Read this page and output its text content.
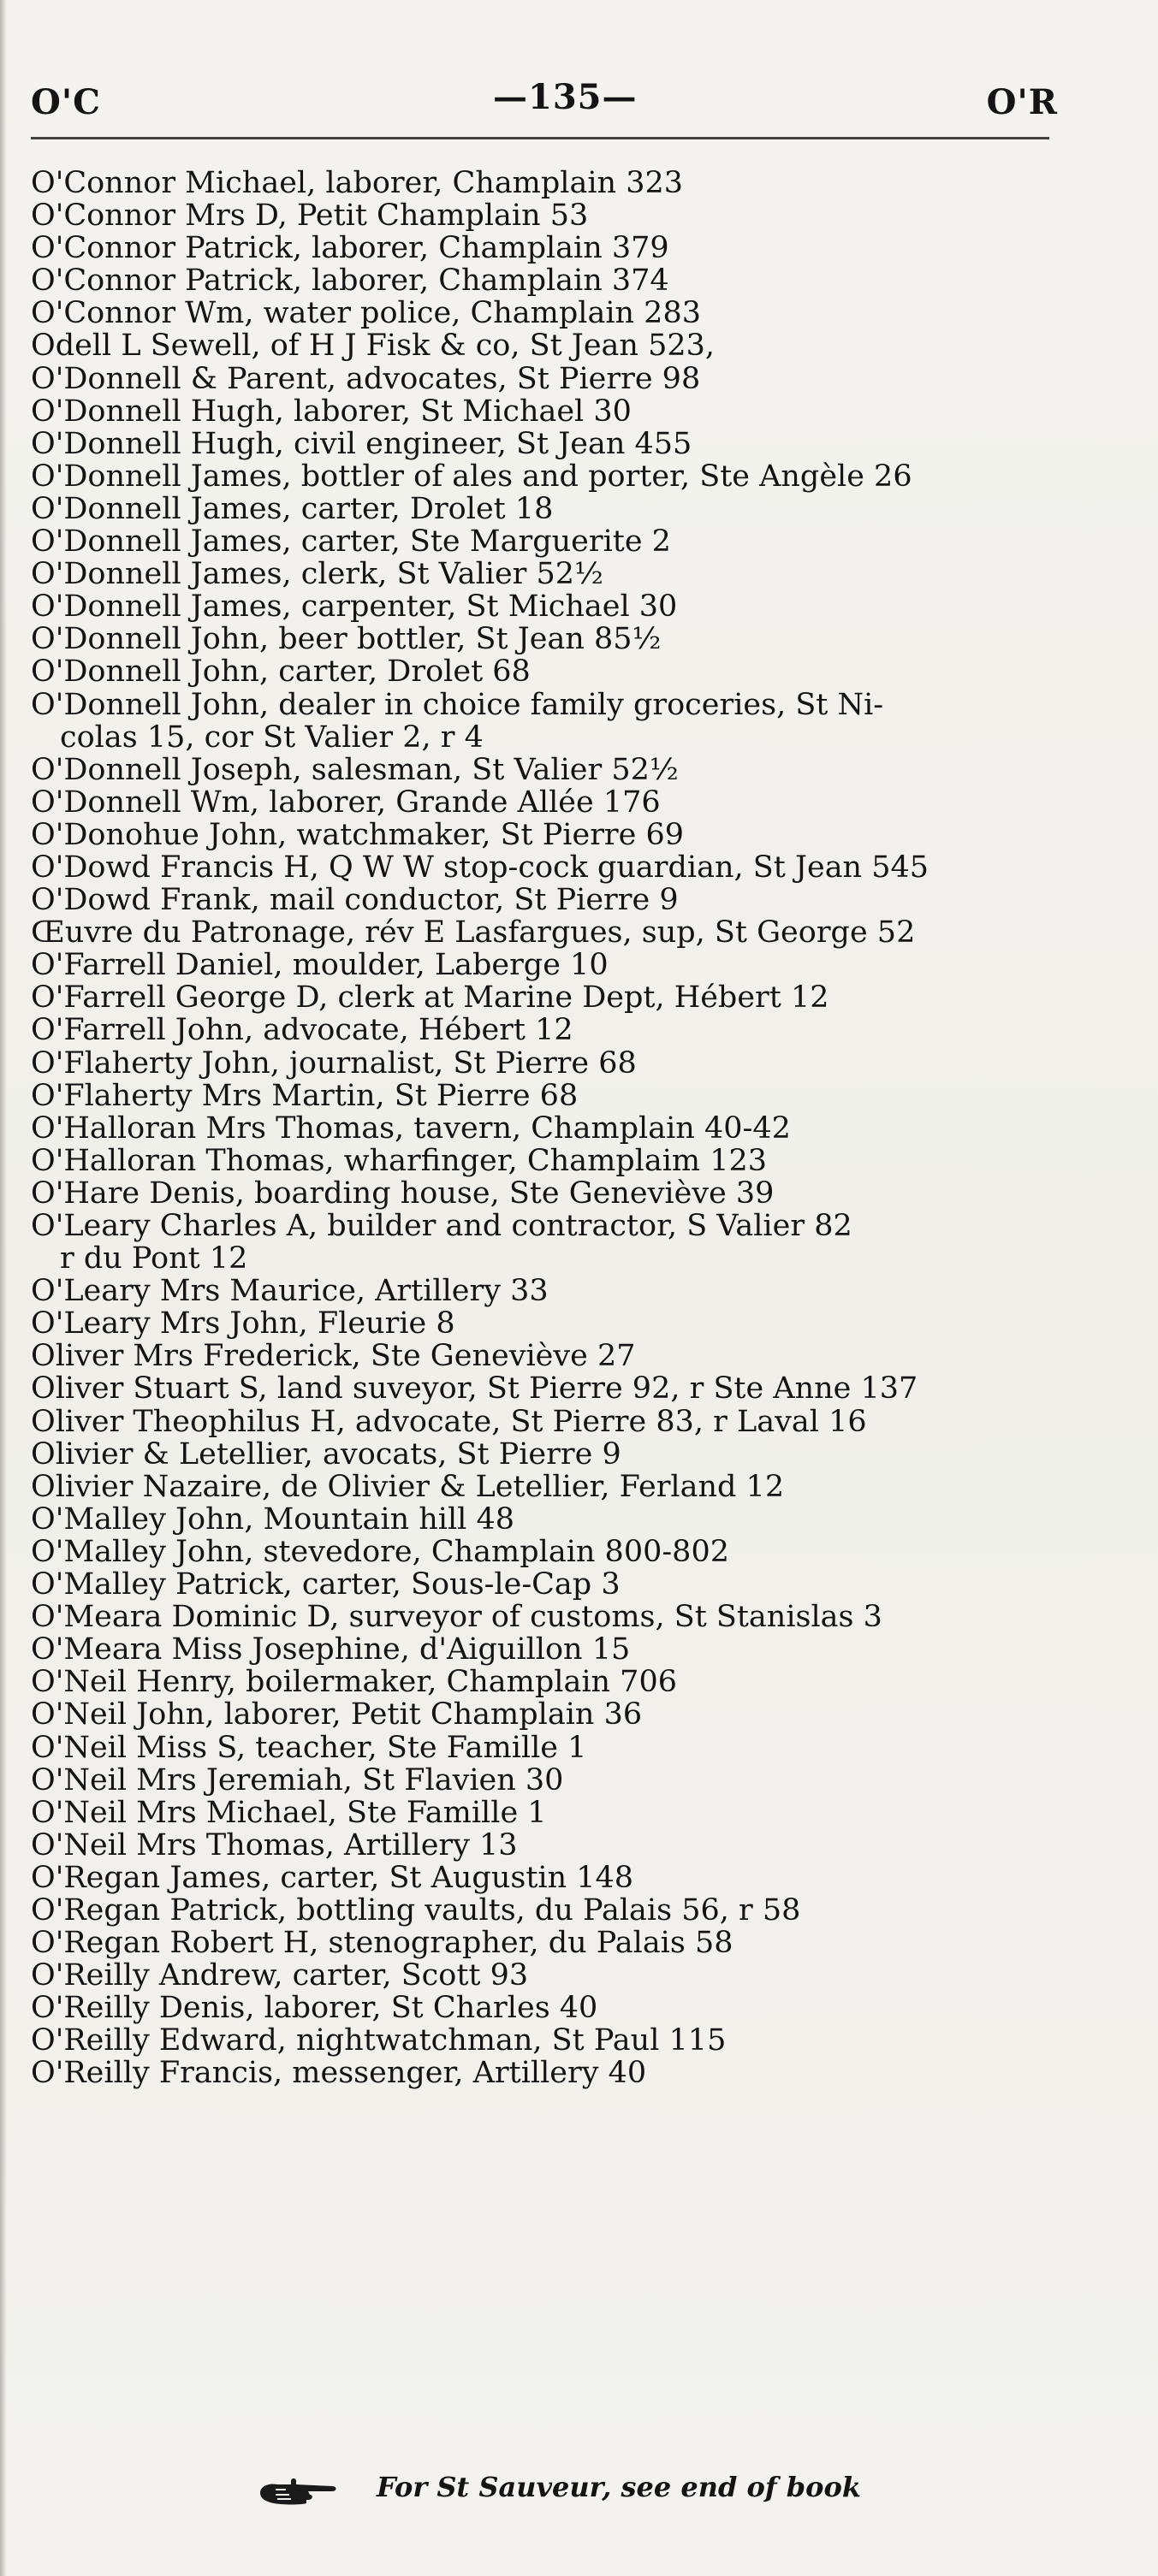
O'C	—135—	O'R
O'Connor Michael, laborer, Champlain 323
O'Connor Mrs D, Petit Champlain 53
O'Connor Patrick, laborer, Champlain 379
O'Connor Patrick, laborer, Champlain 374
O'Connor Wm, water police, Champlain 283
Odell L Sewell, of H J Fisk & co, St Jean 523,
O'Donnell & Parent, advocates, St Pierre 98
O'Donnell Hugh, laborer, St Michael 30
O'Donnell Hugh, civil engineer, St Jean 455
O'Donnell James, bottler of ales and porter, Ste Angèle 26
O'Donnell James, carter, Drolet 18
O'Donnell James, carter, Ste Marguerite 2
O'Donnell James, clerk, St Valier 52½
O'Donnell James, carpenter, St Michael 30
O'Donnell John, beer bottler, St Jean 85½
O'Donnell John, carter, Drolet 68
O'Donnell John, dealer in choice family groceries, St Ni-
colas 15, cor St Valier 2, r 4
O'Donnell Joseph, salesman, St Valier 52½
O'Donnell Wm, laborer, Grande Allée 176
O'Donohue John, watchmaker, St Pierre 69
O'Dowd Francis H, Q W W stop-cock guardian, St Jean 545
O'Dowd Frank, mail conductor, St Pierre 9
Œuvre du Patronage, rév E Lasfargues, sup, St George 52
O'Farrell Daniel, moulder, Laberge 10
O'Farrell George D, clerk at Marine Dept, Hébert 12
O'Farrell John, advocate, Hébert 12
O'Flaherty John, journalist, St Pierre 68
O'Flaherty Mrs Martin, St Pierre 68
O'Halloran Mrs Thomas, tavern, Champlain 40-42
O'Halloran Thomas, wharfinger, Champlaim 123
O'Hare Denis, boarding house, Ste Geneviève 39
O'Leary Charles A, builder and contractor, S Valier 82
r du Pont 12
O'Leary Mrs Maurice, Artillery 33
O'Leary Mrs John, Fleurie 8
Oliver Mrs Frederick, Ste Geneviève 27
Oliver Stuart S, land suveyor, St Pierre 92, r Ste Anne 137
Oliver Theophilus H, advocate, St Pierre 83, r Laval 16
Olivier & Letellier, avocats, St Pierre 9
Olivier Nazaire, de Olivier & Letellier, Ferland 12
O'Malley John, Mountain hill 48
O'Malley John, stevedore, Champlain 800-802
O'Malley Patrick, carter, Sous-le-Cap 3
O'Meara Dominic D, surveyor of customs, St Stanislas 3
O'Meara Miss Josephine, d'Aiguillon 15
O'Neil Henry, boilermaker, Champlain 706
O'Neil John, laborer, Petit Champlain 36
O'Neil Miss S, teacher, Ste Famille 1
O'Neil Mrs Jeremiah, St Flavien 30
O'Neil Mrs Michael, Ste Famille 1
O'Neil Mrs Thomas, Artillery 13
O'Regan James, carter, St Augustin 148
O'Regan Patrick, bottling vaults, du Palais 56, r 58
O'Regan Robert H, stenographer, du Palais 58
O'Reilly Andrew, carter, Scott 93
O'Reilly Denis, laborer, St Charles 40
O'Reilly Edward, nightwatchman, St Paul 115
O'Reilly Francis, messenger, Artillery 40
For St Sauveur, see end of book
